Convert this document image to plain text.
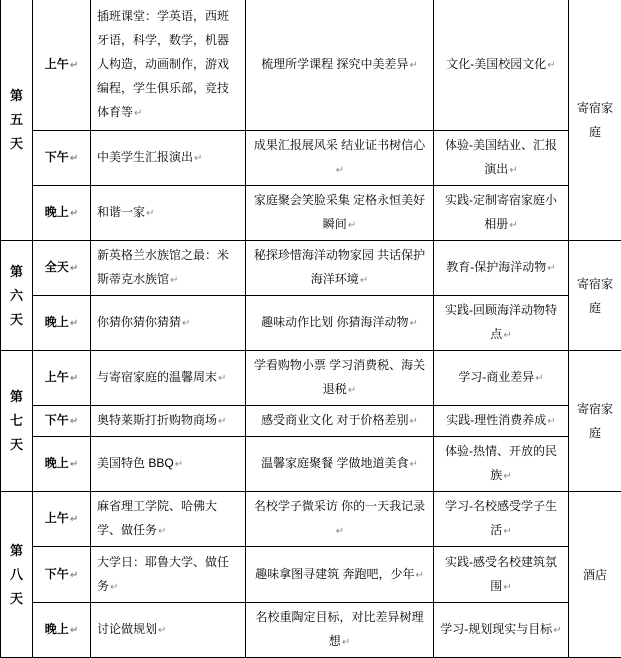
第
五
天	上午↵	插班课堂：学英语，西班牙语，科学，数学，机器人构造，动画制作，游戏编程，学生俱乐部，竞技体育等↵	梳理所学课程 探究中美差异↵	文化-美国校园文化↵	寄宿家庭
	下午↵	中美学生汇报演出↵	成果汇报展风采 结业证书树信心↵	体验-美国结业、汇报演出↵	
	晚上↵	和谐一家↵	家庭聚会笑脸采集 定格永恒美好瞬间↵	实践-定制寄宿家庭小相册↵	

第
六
天	全天↵	新英格兰水族馆之最：米斯蒂克水族馆↵	秘探珍惜海洋动物家园 共话保护海洋环境↵	教育-保护海洋动物↵	寄宿家庭
	晚上↵	你猜你猜你猜猜↵	趣味动作比划 你猜海洋动物↵	实践-回顾海洋动物特点↵	

第
七
天	上午↵	与寄宿家庭的温馨周末↵	学看购物小票 学习消费税、海关退税↵	学习-商业差异↵	寄宿家庭
	下午↵	奥特莱斯打折购物商场↵	感受商业文化 对于价格差别↵	实践-理性消费养成↵	
	晚上↵	美国特色 BBQ↵	温馨家庭聚餐 学做地道美食↵	体验-热情、开放的民族↵	

第
八
天	上午↵	麻省理工学院、哈佛大学、做任务↵	名校学子微采访 你的一天我记录↵	学习-名校感受学子生活↵	酒店
	下午↵	大学日：耶鲁大学、做任务↵	趣味拿图寻建筑 奔跑吧，少年↵	实践-感受名校建筑氛围↵	
	晚上↵	讨论做规划↵	名校重陶定目标，对比差异树理想↵	学习-规划现实与目标↵	
